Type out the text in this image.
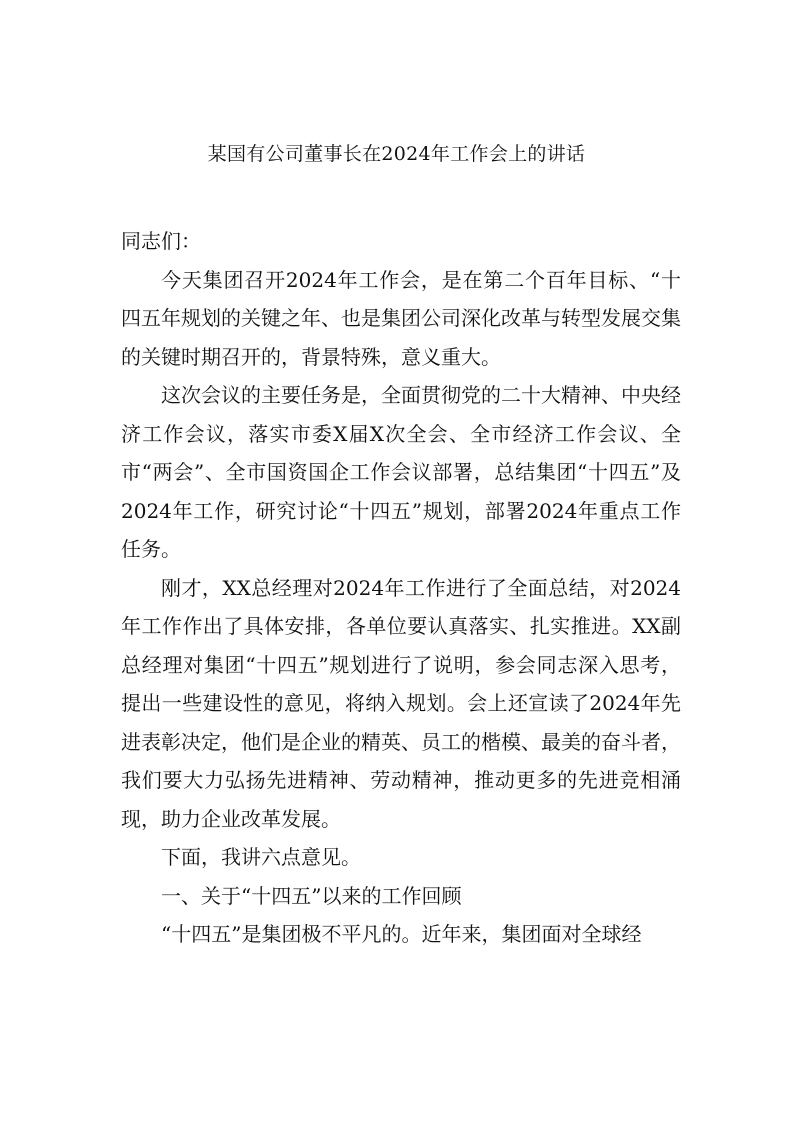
某国有公司董事长在2024年工作会上的讲话

同志们：

今天集团召开2024年工作会，是在第二个百年目标、“十四五年规划的关键之年、也是集团公司深化改革与转型发展交集的关键时期召开的，背景特殊，意义重大。

这次会议的主要任务是，全面贯彻党的二十大精神、中央经济工作会议，落实市委X届X次全会、全市经济工作会议、全市“两会”、全市国资国企工作会议部署，总结集团“十四五”及2024年工作，研究讨论“十四五”规划，部署2024年重点工作任务。

刚才，XX总经理对2024年工作进行了全面总结，对2024年工作作出了具体安排，各单位要认真落实、扎实推进。XX副总经理对集团“十四五”规划进行了说明，参会同志深入思考，提出一些建设性的意见，将纳入规划。会上还宣读了2024年先进表彰决定，他们是企业的精英、员工的楷模、最美的奋斗者，我们要大力弘扬先进精神、劳动精神，推动更多的先进竞相涌现，助力企业改革发展。

下面，我讲六点意见。

一、关于“十四五”以来的工作回顾

“十四五”是集团极不平凡的。近年来，集团面对全球经
